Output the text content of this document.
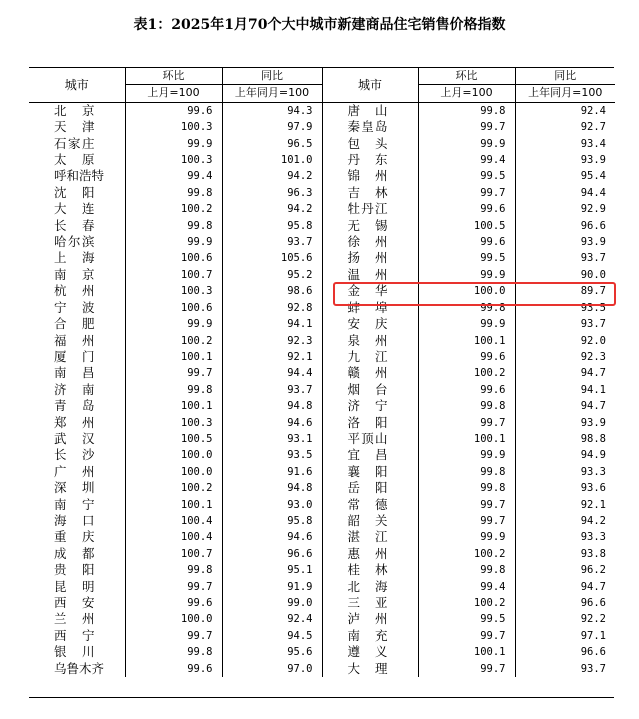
表1：2025年1月70个大中城市新建商品住宅销售价格指数
城市	环比	同比	城市	环比	同比
	上月=100	上年同月=100		上月=100	上年同月=100
北　京	99.6	94.3	唐　山	99.8	92.4
天　津	100.3	97.9	秦皇岛	99.7	92.7
石家庄	99.9	96.5	包　头	99.9	93.4
太　原	100.3	101.0	丹　东	99.4	93.9
呼和浩特	99.4	94.2	锦　州	99.5	95.4
沈　阳	99.8	96.3	吉　林	99.7	94.4
大　连	100.2	94.2	牡丹江	99.6	92.9
长　春	99.8	95.8	无　锡	100.5	96.6
哈尔滨	99.9	93.7	徐　州	99.6	93.9
上　海	100.6	105.6	扬　州	99.5	93.7
南　京	100.7	95.2	温　州	99.9	90.0
杭　州	100.3	98.6	金　华	100.0	89.7
宁　波	100.6	92.8	蚌　埠	99.8	93.5
合　肥	99.9	94.1	安　庆	99.9	93.7
福　州	100.2	92.3	泉　州	100.1	92.0
厦　门	100.1	92.1	九　江	99.6	92.3
南　昌	99.7	94.4	赣　州	100.2	94.7
济　南	99.8	93.7	烟　台	99.6	94.1
青　岛	100.1	94.8	济　宁	99.8	94.7
郑　州	100.3	94.6	洛　阳	99.7	93.9
武　汉	100.5	93.1	平顶山	100.1	98.8
长　沙	100.0	93.5	宜　昌	99.9	94.9
广　州	100.0	91.6	襄　阳	99.8	93.3
深　圳	100.2	94.8	岳　阳	99.8	93.6
南　宁	100.1	93.0	常　德	99.7	92.1
海　口	100.4	95.8	韶　关	99.7	94.2
重　庆	100.4	94.6	湛　江	99.9	93.3
成　都	100.7	96.6	惠　州	100.2	93.8
贵　阳	99.8	95.1	桂　林	99.8	96.2
昆　明	99.7	91.9	北　海	99.4	94.7
西　安	99.6	99.0	三　亚	100.2	96.6
兰　州	100.0	92.4	泸　州	99.5	92.2
西　宁	99.7	94.5	南　充	99.7	97.1
银　川	99.8	95.6	遵　义	100.1	96.6
乌鲁木齐	99.6	97.0	大　理	99.7	93.7
